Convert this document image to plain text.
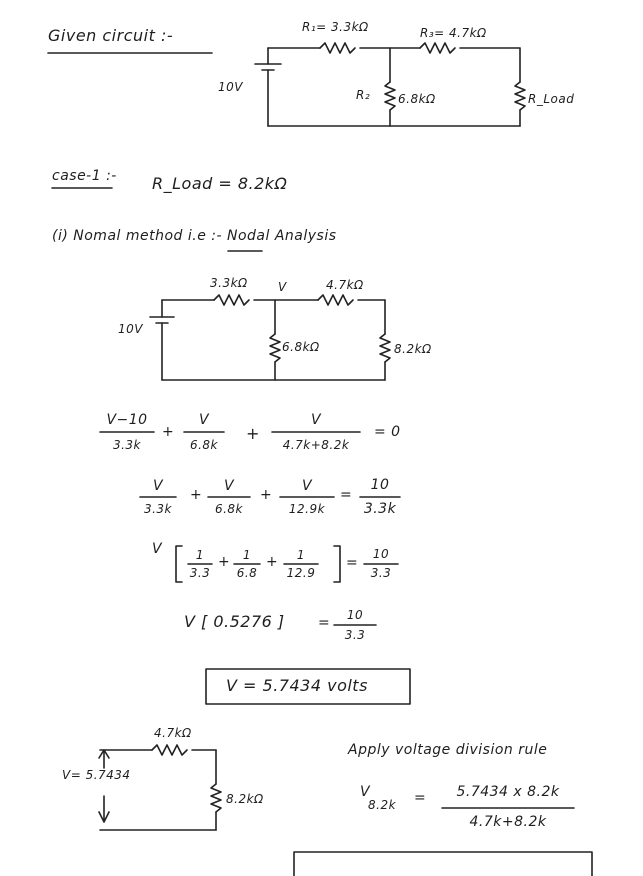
Given circuit :-	R₁= 3.3kΩ	R₃= 4.7kΩ
10V
R₂ 6.8kΩ	R_Load
case-1 :- R_Load = 8.2kΩ
(i) Nomal method i.e :- Nodal Analysis
3.3kΩ	V	4.7kΩ
10V
6.8kΩ	8.2kΩ
V−10
3.3k
+
V
6.8k
+
V
4.7k+8.2k
= 0
V
3.3k
+
V
6.8k
+
V
12.9k
=
10
3.3k
V	1
3.3
+	1
6.8
+	1
12.9
=
10
3.3
V [ 0.5276 ] =	10
3.3
V = 5.7434 volts
4.7kΩ
V= 5.7434
8.2kΩ
Apply voltage division rule
V
8.2k =	5.7434 x 8.2k
4.7k+8.2k
